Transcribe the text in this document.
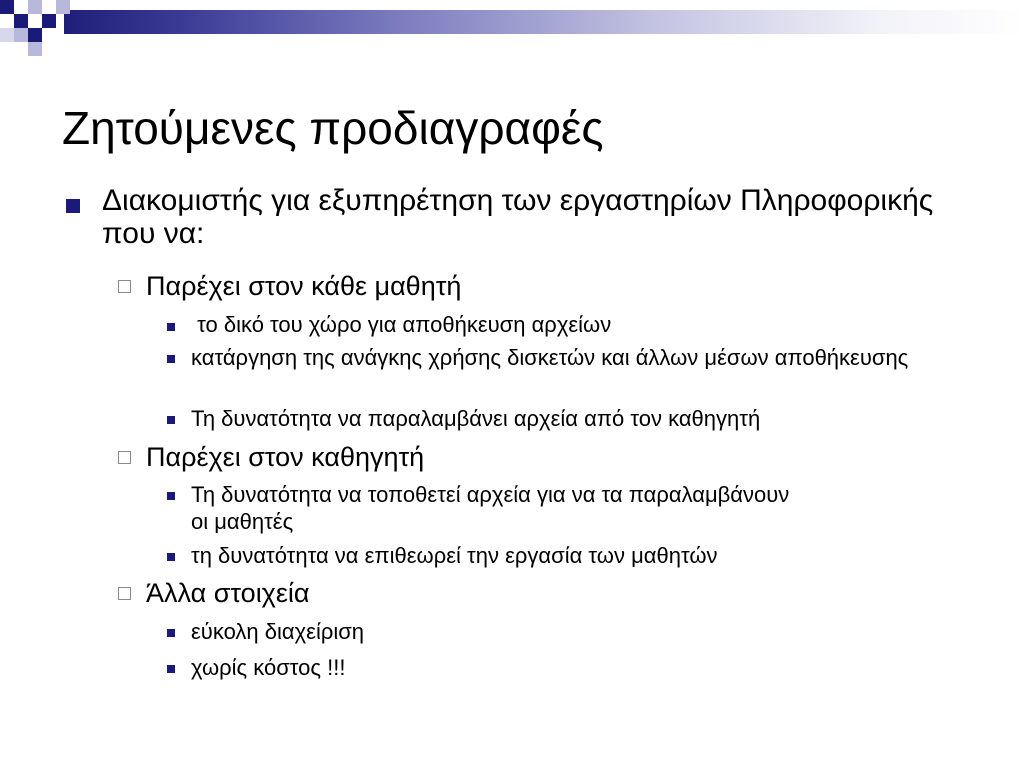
Ζητούμενες προδιαγραφές
Διακομιστής για εξυπηρέτηση των εργαστηρίων Πληροφορικής που να:
Παρέχει στον κάθε μαθητή
το δικό του χώρο για αποθήκευση αρχείων
κατάργηση της ανάγκης χρήσης δισκετών και άλλων μέσων αποθήκευσης
Τη δυνατότητα να παραλαμβάνει αρχεία από τον καθηγητή
Παρέχει στον καθηγητή
Τη δυνατότητα να τοποθετεί αρχεία για να τα παραλαμβάνουν οι μαθητές
τη δυνατότητα να επιθεωρεί την εργασία των μαθητών
Άλλα στοιχεία
εύκολη διαχείριση
χωρίς κόστος !!!
